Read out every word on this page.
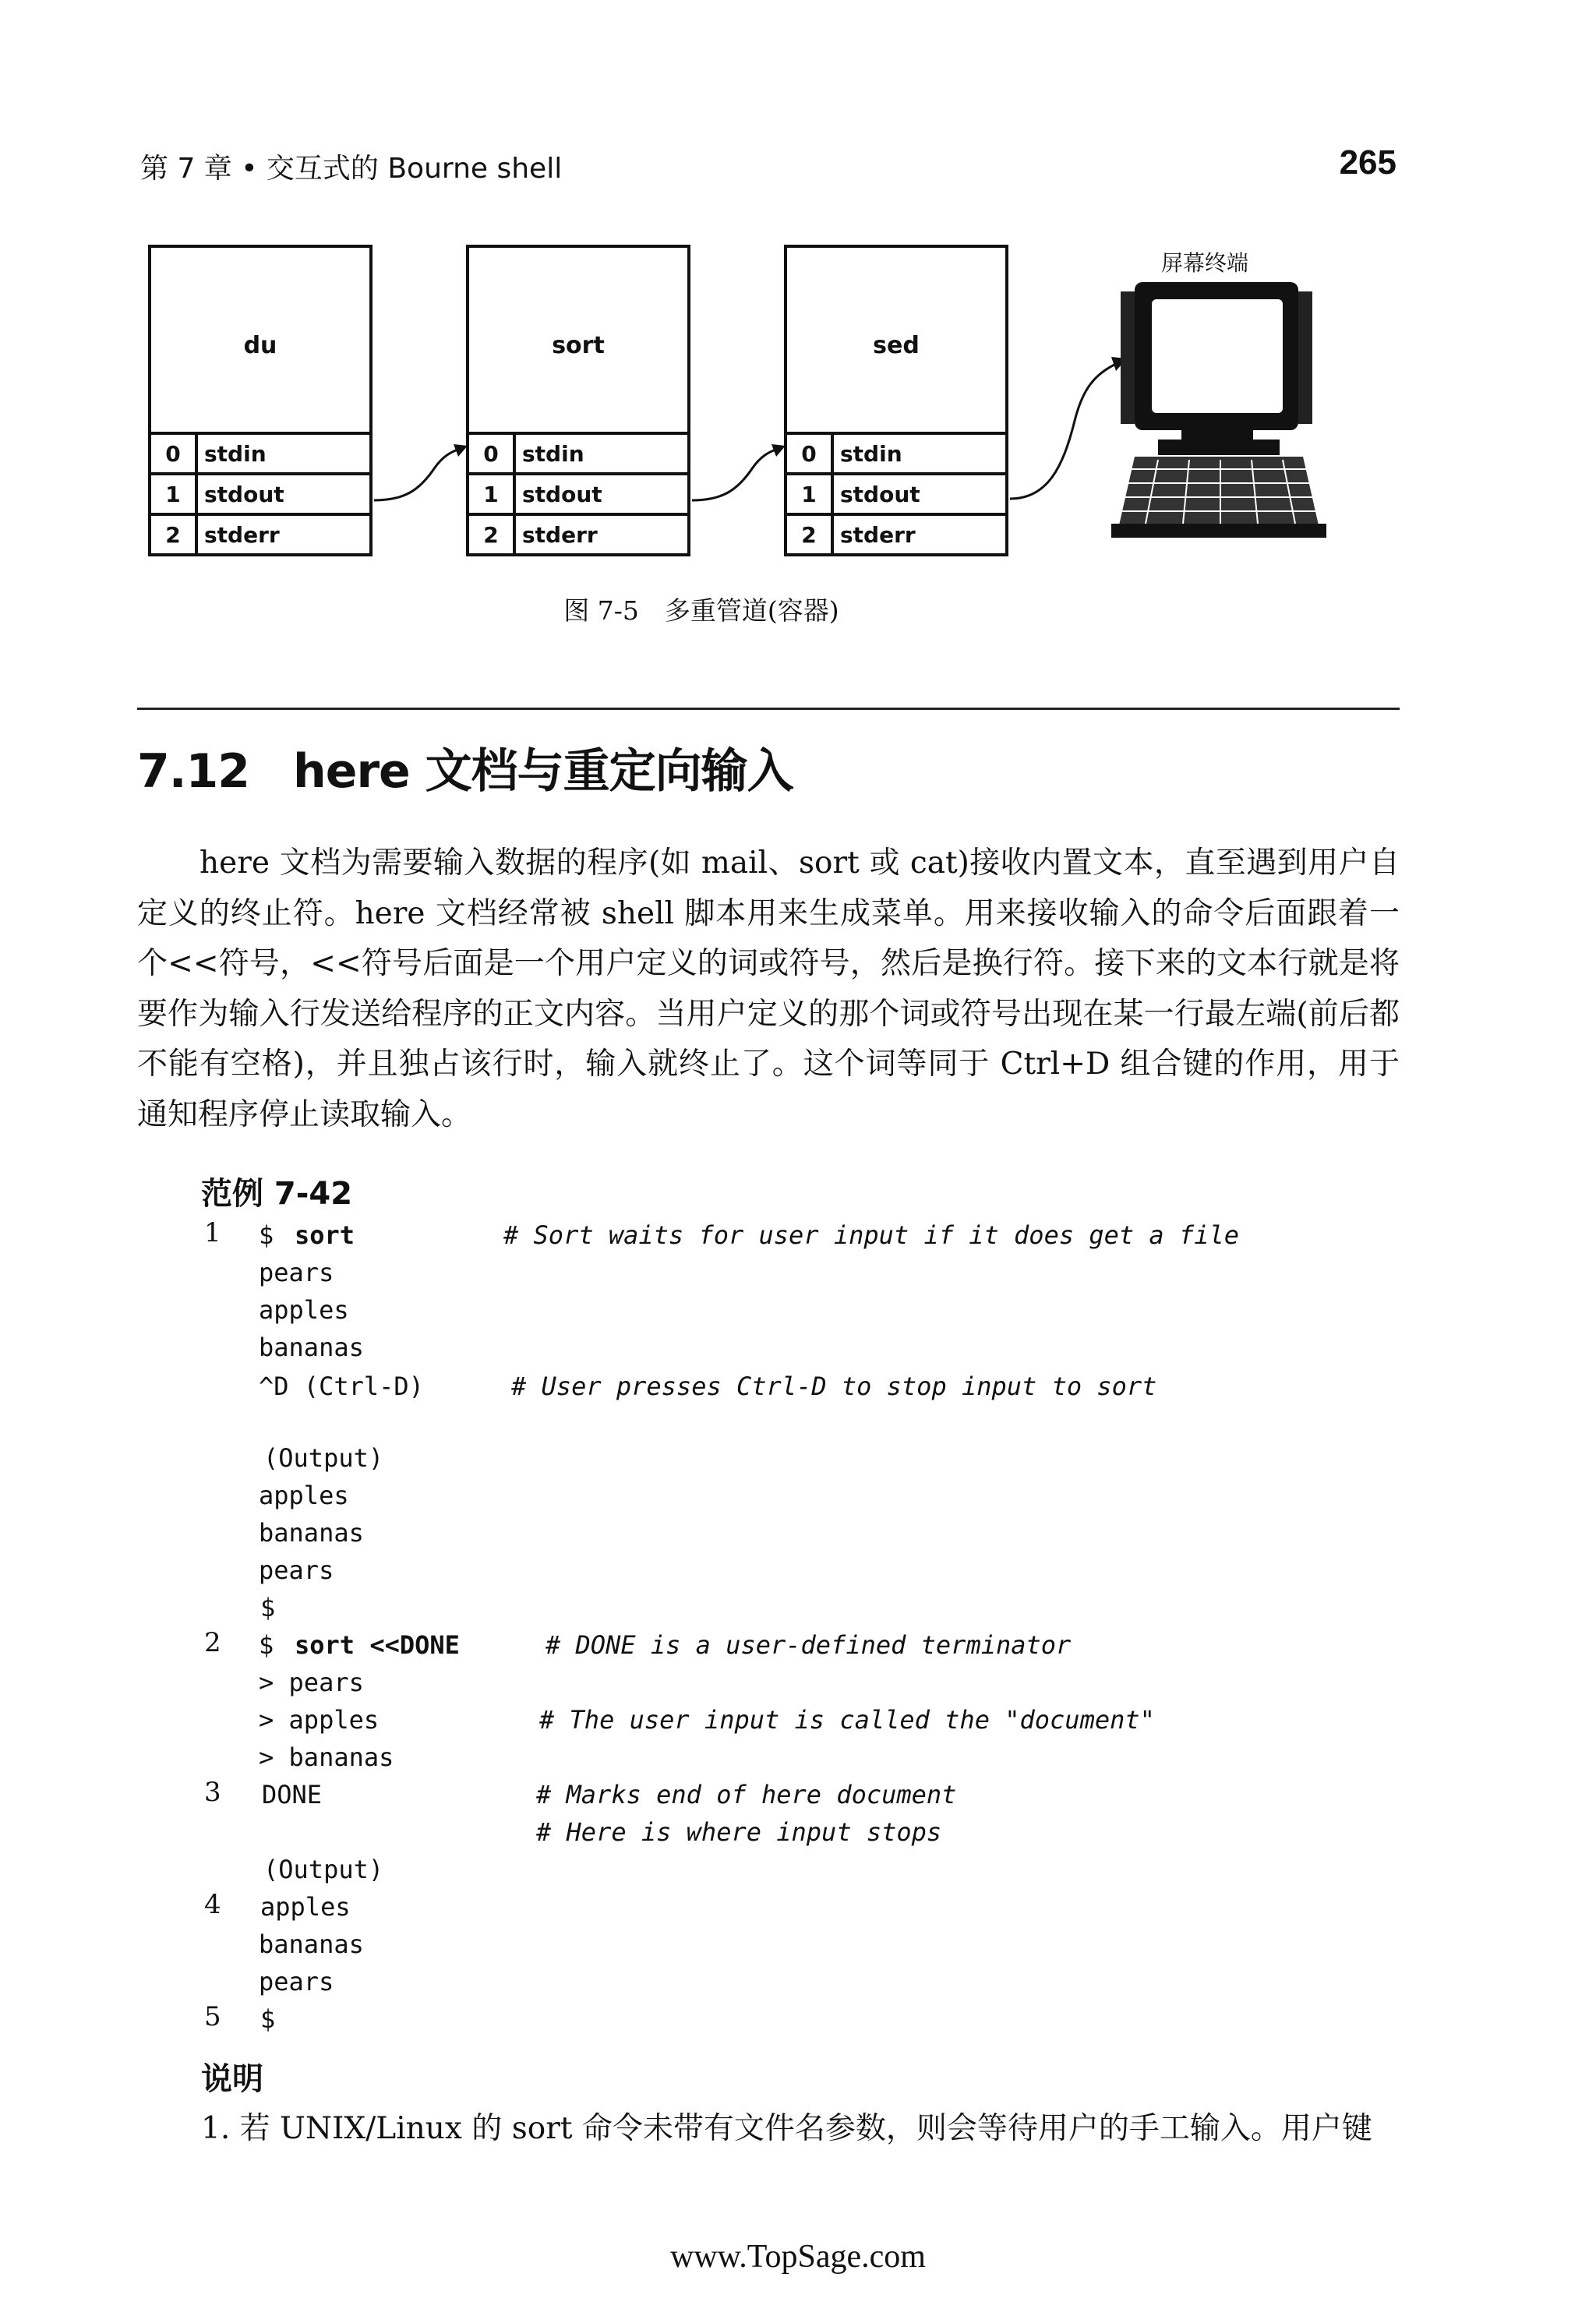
第 7 章 • 交互式的 Bourne shell	265
du
0	stdin
1	stdout
2	stderr
sort
0	stdin
1	stdout
2	stderr
sed
0	stdin
1	stdout
2	stderr
屏幕终端
图 7-5　多重管道(容器)
7.12 here 文档与重定向输入
here 文档为需要输入数据的程序(如 mail、sort 或 cat)接收内置文本，直至遇到用户自定义的终止符。here 文档经常被 shell 脚本用来生成菜单。用来接收输入的命令后面跟着一个<<符号，<<符号后面是一个用户定义的词或符号，然后是换行符。接下来的文本行就是将要作为输入行发送给程序的正文内容。当用户定义的那个词或符号出现在某一行最左端(前后都不能有空格)，并且独占该行时，输入就终止了。这个词等同于 Ctrl+D 组合键的作用，用于通知程序停止读取输入。
范例 7-42
1 $ sort	# Sort waits for user input if it does get a file
pears
apples
bananas
^D (Ctrl-D)	# User presses Ctrl-D to stop input to sort
(Output)
apples
bananas
pears
$
2 $ sort <<DONE	# DONE is a user-defined terminator
> pears
> apples	# The user input is called the "document"
> bananas
3 DONE	# Marks end of here document
# Here is where input stops
(Output)
4 apples
bananas
pears
5 $
说明
1. 若 UNIX/Linux 的 sort 命令未带有文件名参数，则会等待用户的手工输入。用户键
www.TopSage.com
